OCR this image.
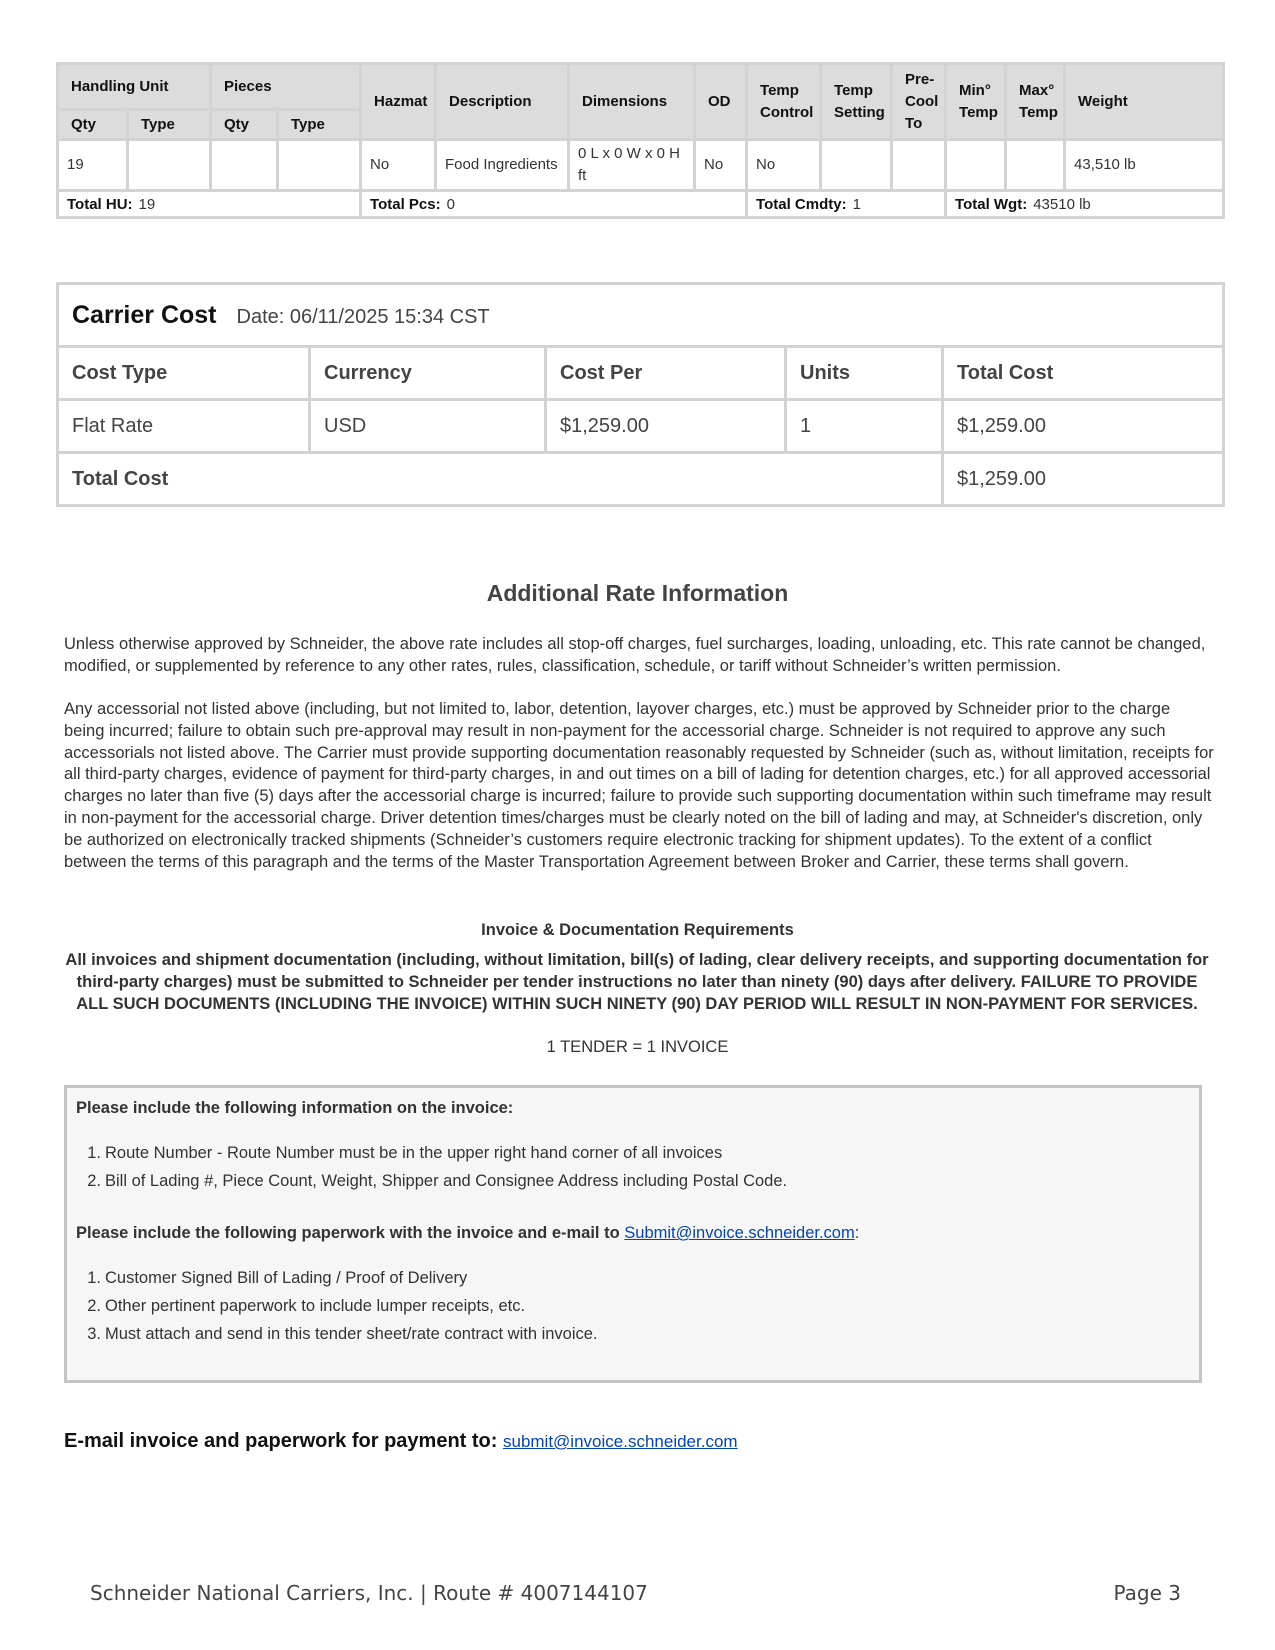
Handling Unit		Pieces		Hazmat	Description	Dimensions	OD	Temp Control	Temp Setting	Pre-Cool To	Min° Temp	Max° Temp	Weight
Qty	Type	Qty	Type										
19				No	Food Ingredients	0 L x 0 W x 0 H ft	No	No					43,510 lb
Total HU: 19				Total Pcs: 0				Total Cmdty: 1			Total Wgt: 43510 lb		
Carrier Cost Date: 06/11/2025 15:34 CST				
Cost Type	Currency	Cost Per	Units	Total Cost
Flat Rate	USD	$1,259.00	1	$1,259.00
Total Cost				$1,259.00
Additional Rate Information

Unless otherwise approved by Schneider, the above rate includes all stop-off charges, fuel surcharges, loading, unloading, etc. This rate cannot be changed, modified, or supplemented by reference to any other rates, rules, classification, schedule, or tariff without Schneider’s written permission.

Any accessorial not listed above (including, but not limited to, labor, detention, layover charges, etc.) must be approved by Schneider prior to the charge being incurred; failure to obtain such pre-approval may result in non-payment for the accessorial charge. Schneider is not required to approve any such accessorials not listed above. The Carrier must provide supporting documentation reasonably requested by Schneider (such as, without limitation, receipts for all third-party charges, evidence of payment for third-party charges, in and out times on a bill of lading for detention charges, etc.) for all approved accessorial charges no later than five (5) days after the accessorial charge is incurred; failure to provide such supporting documentation within such timeframe may result in non-payment for the accessorial charge. Driver detention times/charges must be clearly noted on the bill of lading and may, at Schneider's discretion, only be authorized on electronically tracked shipments (Schneider’s customers require electronic tracking for shipment updates). To the extent of a conflict between the terms of this paragraph and the terms of the Master Transportation Agreement between Broker and Carrier, these terms shall govern.

Invoice & Documentation Requirements

All invoices and shipment documentation (including, without limitation, bill(s) of lading, clear delivery receipts, and supporting documentation for third-party charges) must be submitted to Schneider per tender instructions no later than ninety (90) days after delivery. FAILURE TO PROVIDE ALL SUCH DOCUMENTS (INCLUDING THE INVOICE) WITHIN SUCH NINETY (90) DAY PERIOD WILL RESULT IN NON-PAYMENT FOR SERVICES.

1 TENDER = 1 INVOICE

Please include the following information on the invoice:

1. Route Number - Route Number must be in the upper right hand corner of all invoices
2. Bill of Lading #, Piece Count, Weight, Shipper and Consignee Address including Postal Code.

Please include the following paperwork with the invoice and e-mail to Submit@invoice.schneider.com:

1. Customer Signed Bill of Lading / Proof of Delivery
2. Other pertinent paperwork to include lumper receipts, etc.
3. Must attach and send in this tender sheet/rate contract with invoice.
E-mail invoice and paperwork for payment to: submit@invoice.schneider.com
Schneider National Carriers, Inc. | Route # 4007144107	Page 3
